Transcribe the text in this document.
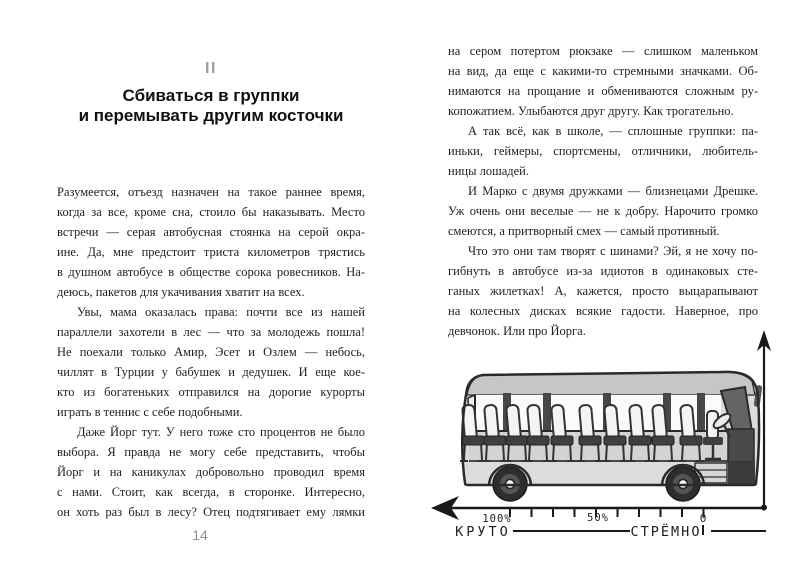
II
Сбиваться в группки
и перемывать другим косточки
Разумеется, отъезд назначен на такое раннее время,
когда за все, кроме сна, стоило бы наказывать. Место
встречи — серая автобусная стоянка на серой окра-
ине. Да, мне предстоит триста километров трястись
в душном автобусе в обществе сорока ровесников. На-
деюсь, пакетов для укачивания хватит на всех.
Увы, мама оказалась права: почти все из нашей
параллели захотели в лес — что за молодежь пошла!
Не поехали только Амир, Эсет и Озлем — небось,
чиллят в Турции у бабушек и дедушек. И еще кое-
кто из богатеньких отправился на дорогие курорты
играть в теннис с себе подобными.
Даже Йорг тут. У него тоже сто процентов не было
выбора. Я правда не могу себе представить, чтобы
Йорг и на каникулах добровольно проводил время
с нами. Стоит, как всегда, в сторонке. Интересно,
он хоть раз был в лесу? Отец подтягивает ему лямки
14
на сером потертом рюкзаке — слишком маленьком
на вид, да еще с какими-то стремными значками. Об-
нимаются на прощание и обмениваются сложным ру-
копожатием. Улыбаются друг другу. Как трогательно.
А так всё, как в школе, — сплошные группки: па-
иньки, геймеры, спортсмены, отличники, любитель-
ницы лошадей.
И Марко с двумя дружками — близнецами Дрешке.
Уж очень они веселые — не к добру. Нарочито громко
смеются, а притворный смех — самый противный.
Что это они там творят с шинами? Эй, я не хочу по-
гибнуть в автобусе из-за идиотов в одинаковых сте-
ганых жилетках! А, кажется, просто выцарапывают
на колесных дисках всякие гадости. Наверное, про
девчонок. Или про Йорга.
100%	50%	0
КРУТО	СТРЁМНО
